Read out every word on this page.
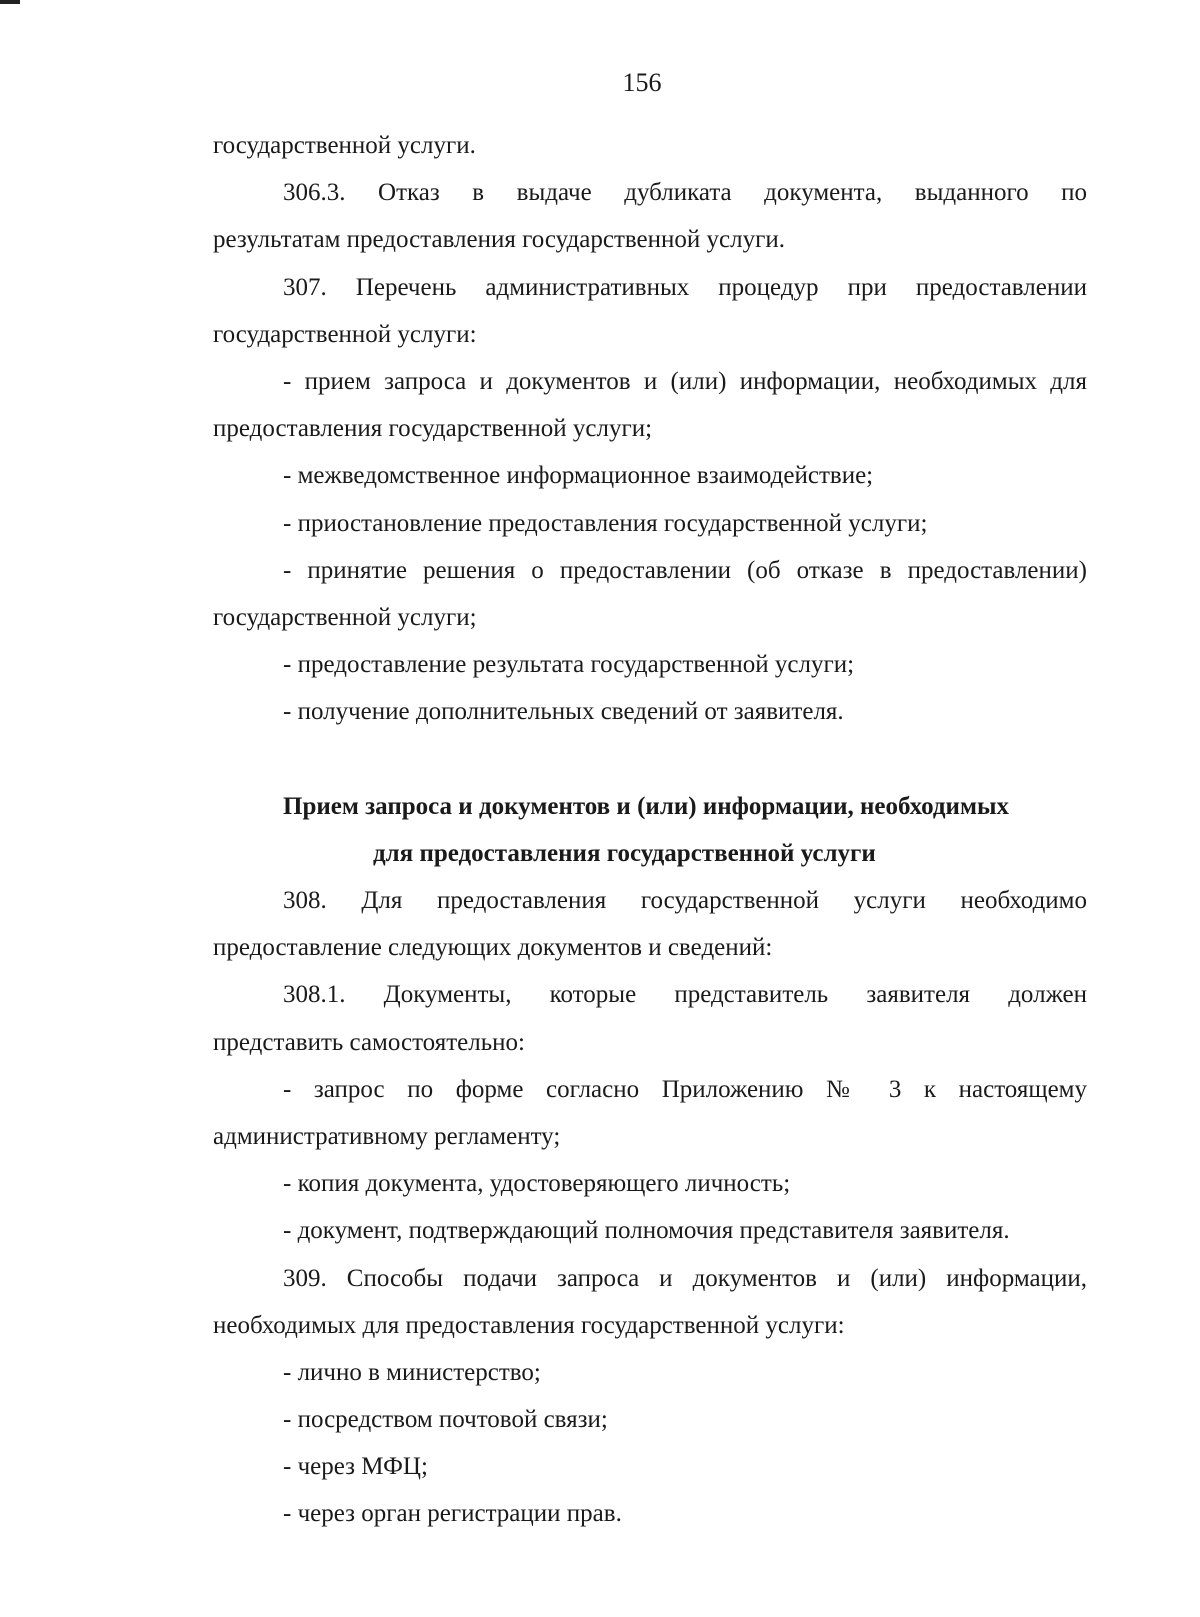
156
государственной услуги.
306.3. Отказ в выдаче дубликата документа, выданного по
результатам предоставления государственной услуги.
307. Перечень административных процедур при предоставлении
государственной услуги:
- прием запроса и документов и (или) информации, необходимых для
предоставления государственной услуги;
- межведомственное информационное взаимодействие;
- приостановление предоставления государственной услуги;
- принятие решения о предоставлении (об отказе в предоставлении)
государственной услуги;
- предоставление результата государственной услуги;
- получение дополнительных сведений от заявителя.
Прием запроса и документов и (или) информации, необходимых
для предоставления государственной услуги
308. Для предоставления государственной услуги необходимо
предоставление следующих документов и сведений:
308.1. Документы, которые представитель заявителя должен
представить самостоятельно:
- запрос по форме согласно Приложению № 3 к настоящему
административному регламенту;
- копия документа, удостоверяющего личность;
- документ, подтверждающий полномочия представителя заявителя.
309. Способы подачи запроса и документов и (или) информации,
необходимых для предоставления государственной услуги:
- лично в министерство;
- посредством почтовой связи;
- через МФЦ;
- через орган регистрации прав.
